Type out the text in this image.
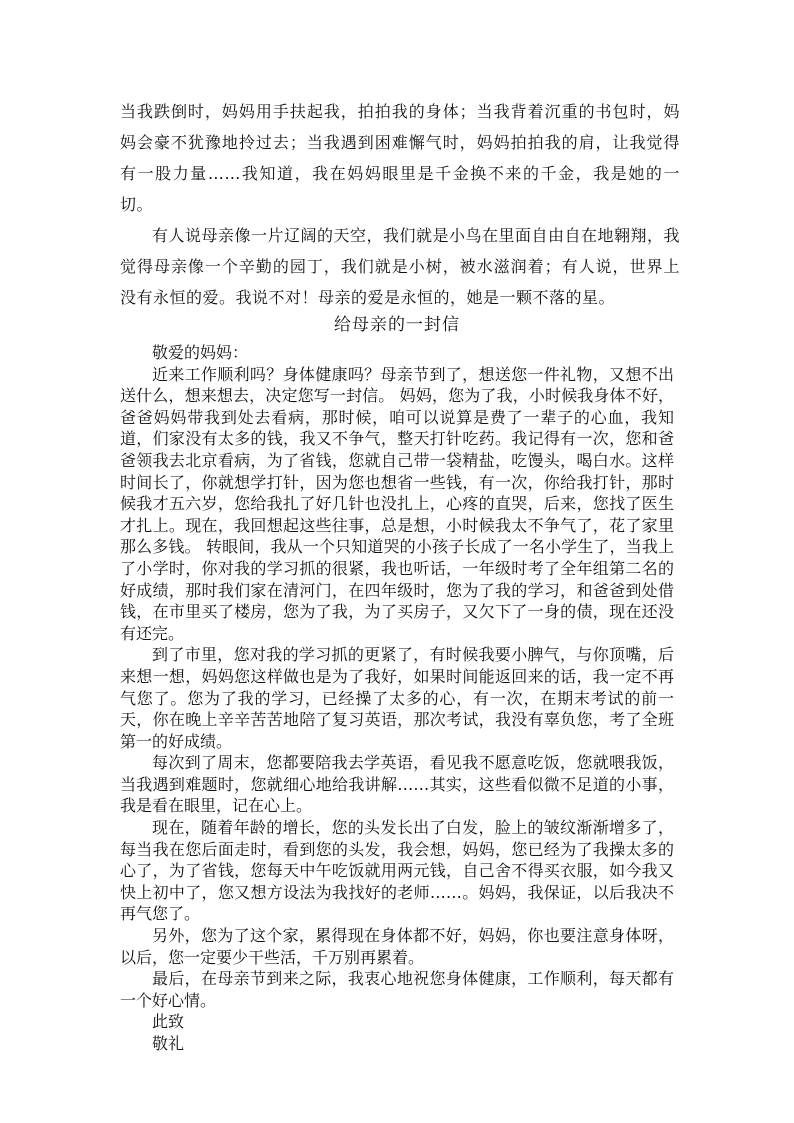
当我跌倒时，妈妈用手扶起我，拍拍我的身体；当我背着沉重的书包时，妈妈会豪不犹豫地拎过去；当我遇到困难懈气时，妈妈拍拍我的肩，让我觉得有一股力量……我知道，我在妈妈眼里是千金换不来的千金，我是她的一切。

有人说母亲像一片辽阔的天空，我们就是小鸟在里面自由自在地翱翔，我觉得母亲像一个辛勤的园丁，我们就是小树，被水滋润着；有人说，世界上没有永恒的爱。我说不对！母亲的爱是永恒的，她是一颗不落的星。

给母亲的一封信

敬爱的妈妈：

近来工作顺利吗？身体健康吗？母亲节到了，想送您一件礼物，又想不出送什么，想来想去，决定您写一封信。 妈妈，您为了我，小时候我身体不好，爸爸妈妈带我到处去看病，那时候，咱可以说算是费了一辈子的心血，我知道，们家没有太多的钱，我又不争气，整天打针吃药。我记得有一次，您和爸爸领我去北京看病，为了省钱，您就自己带一袋精盐，吃馒头，喝白水。这样时间长了，你就想学打针，因为您也想省一些钱，有一次，你给我打针，那时候我才五六岁，您给我扎了好几针也没扎上，心疼的直哭，后来，您找了医生才扎上。现在，我回想起这些往事，总是想，小时候我太不争气了，花了家里那么多钱。 转眼间，我从一个只知道哭的小孩子长成了一名小学生了，当我上了小学时，你对我的学习抓的很紧，我也听话，一年级时考了全年组第二名的好成绩，那时我们家在清河门，在四年级时，您为了我的学习，和爸爸到处借钱，在市里买了楼房，您为了我，为了买房子，又欠下了一身的债，现在还没有还完。

到了市里，您对我的学习抓的更紧了，有时候我要小脾气，与你顶嘴，后来想一想，妈妈您这样做也是为了我好，如果时间能返回来的话，我一定不再气您了。您为了我的学习，已经操了太多的心，有一次，在期末考试的前一天，你在晚上辛辛苦苦地陪了复习英语，那次考试，我没有辜负您，考了全班第一的好成绩。

每次到了周末，您都要陪我去学英语，看见我不愿意吃饭，您就喂我饭，当我遇到难题时，您就细心地给我讲解……其实，这些看似微不足道的小事，我是看在眼里，记在心上。

现在，随着年龄的增长，您的头发长出了白发，脸上的皱纹渐渐增多了，每当我在您后面走时，看到您的头发，我会想，妈妈，您已经为了我操太多的心了，为了省钱，您每天中午吃饭就用两元钱，自己舍不得买衣服，如今我又快上初中了，您又想方设法为我找好的老师……。妈妈，我保证，以后我决不再气您了。

另外，您为了这个家，累得现在身体都不好，妈妈，你也要注意身体呀，以后，您一定要少干些活，千万别再累着。

最后，在母亲节到来之际，我衷心地祝您身体健康，工作顺利，每天都有一个好心情。

此致

敬礼
